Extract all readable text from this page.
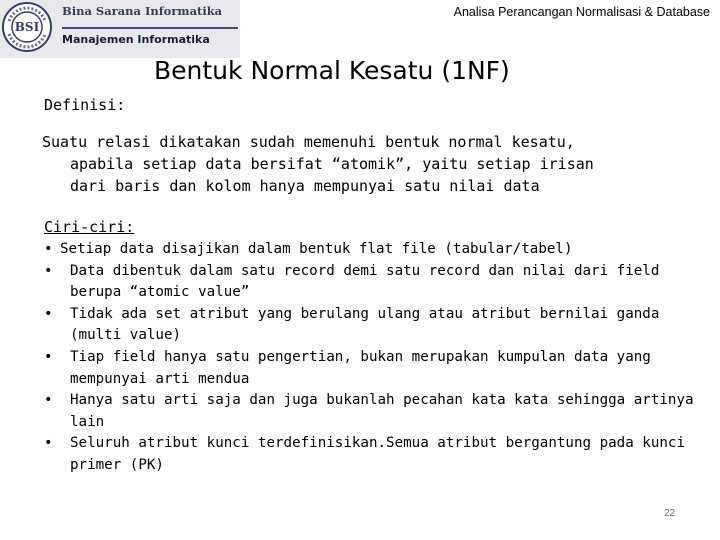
BSI
Bina Sarana Informatika
Manajemen Informatika
Analisa Perancangan Normalisasi & Database
Bentuk Normal Kesatu (1NF)
Definisi:
Suatu relasi dikatakan sudah memenuhi bentuk normal kesatu,
apabila setiap data bersifat “atomik”, yaitu setiap irisan
dari baris dan kolom hanya mempunyai satu nilai data
Ciri-ciri:
• Setiap data disajikan dalam bentuk flat file (tabular/tabel)
• Data dibentuk dalam satu record demi satu record dan nilai dari field berupa “atomic value”
• Tidak ada set atribut yang berulang ulang atau atribut bernilai ganda (multi value)
• Tiap field hanya satu pengertian, bukan merupakan kumpulan data yang mempunyai arti mendua
• Hanya satu arti saja dan juga bukanlah pecahan kata kata sehingga artinya lain
• Seluruh atribut kunci terdefinisikan.Semua atribut bergantung pada kunci primer (PK)
22
